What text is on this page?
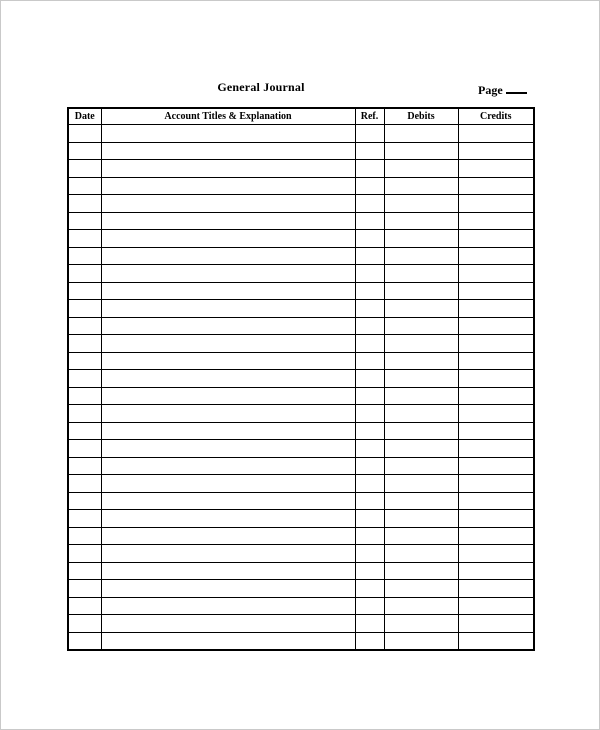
General Journal	Page
Date	Account Titles & Explanation	Ref.	Debits	Credits
